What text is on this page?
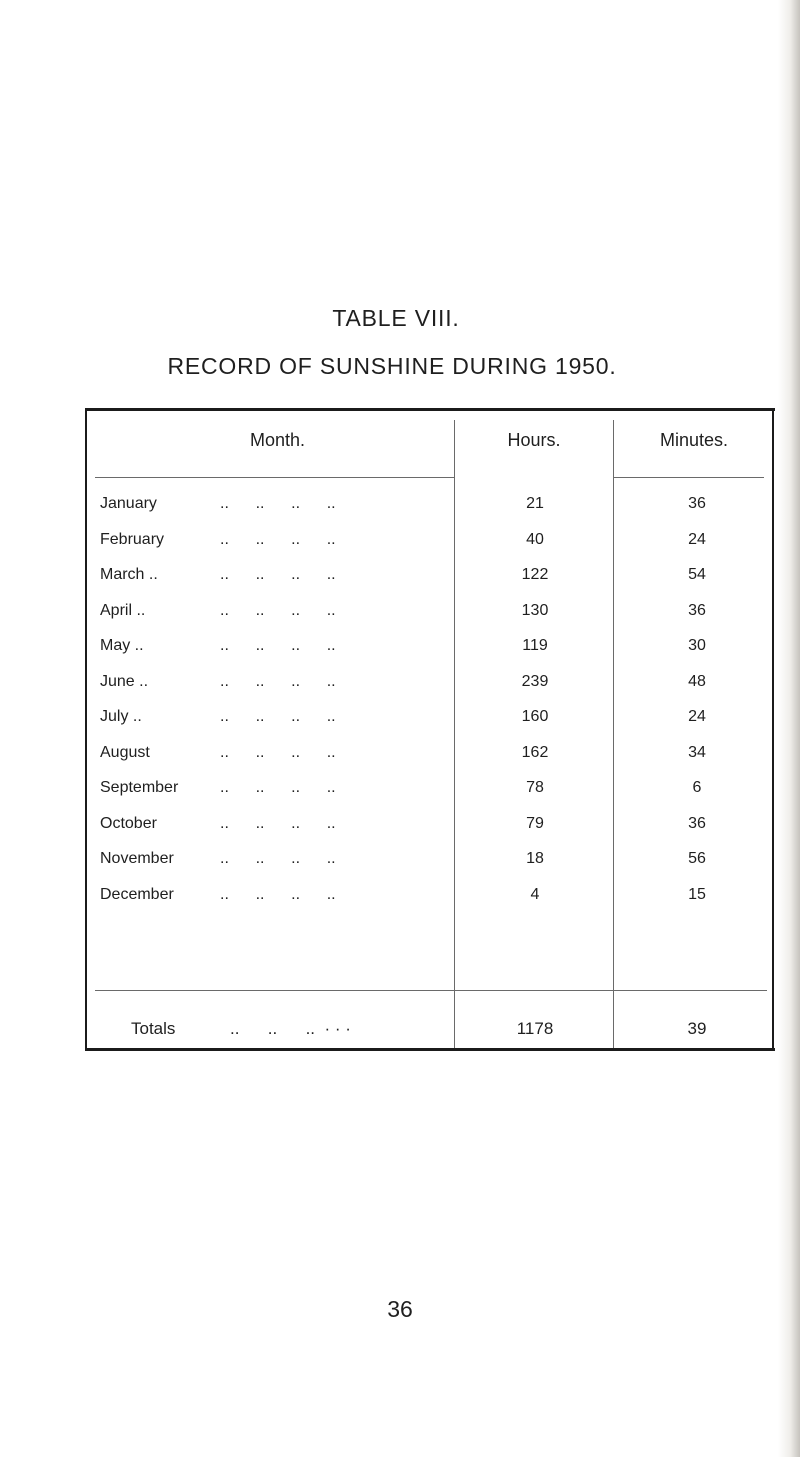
TABLE VIII.
RECORD OF SUNSHINE DURING 1950.
Month.	Hours.	Minutes.
January	..      ..      ..      ..	21	36
February	..      ..      ..      ..	40	24
March ..	..      ..      ..      ..	122	54
April ..	..      ..      ..      ..	130	36
May ..	..      ..      ..      ..	119	30
June ..	..      ..      ..      ..	239	48
July ..	..      ..      ..      ..	160	24
August	..      ..      ..      ..	162	34
September	..      ..      ..      ..	78	6
October	..      ..      ..      ..	79	36
November	..      ..      ..      ..	18	56
December	..      ..      ..      ..	4	15
Totals	..      ..      ..  · · ·	1178	39
36
